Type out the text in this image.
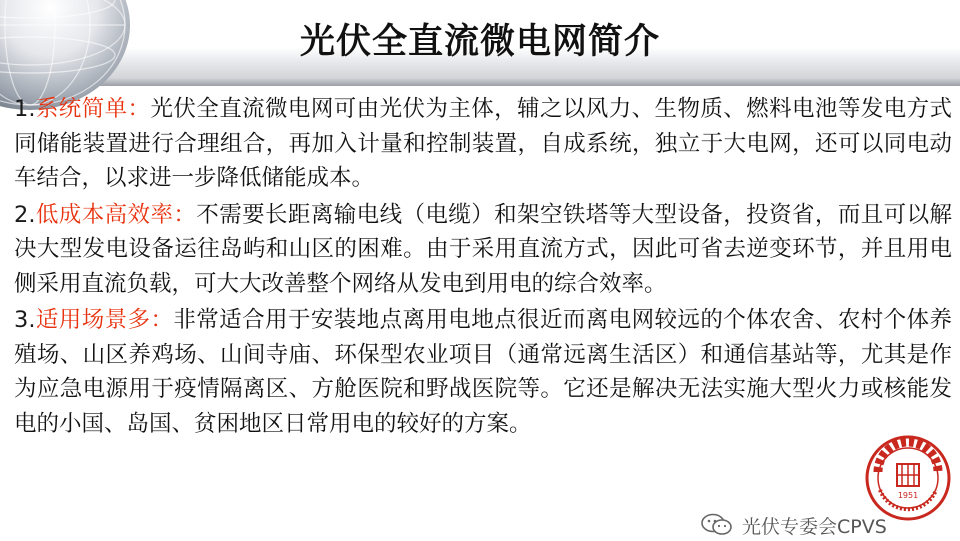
光伏全直流微电网简介

1.系统简单：光伏全直流微电网可由光伏为主体，辅之以风力、生物质、燃料电池等发电方式同储能装置进行合理组合，再加入计量和控制装置，自成系统，独立于大电网，还可以同电动车结合，以求进一步降低储能成本。

2.低成本高效率：不需要长距离输电线（电缆）和架空铁塔等大型设备，投资省，而且可以解决大型发电设备运往岛屿和山区的困难。由于采用直流方式，因此可省去逆变环节，并且用电侧采用直流负载，可大大改善整个网络从发电到用电的综合效率。

3.适用场景多：非常适合用于安装地点离用电地点很近而离电网较远的个体农舍、农村个体养殖场、山区养鸡场、山间寺庙、环保型农业项目（通常远离生活区）和通信基站等，尤其是作为应急电源用于疫情隔离区、方舱医院和野战医院等。它还是解决无法实施大型火力或核能发电的小国、岛国、贫困地区日常用电的较好的方案。

光伏专委会CPVS
1951
